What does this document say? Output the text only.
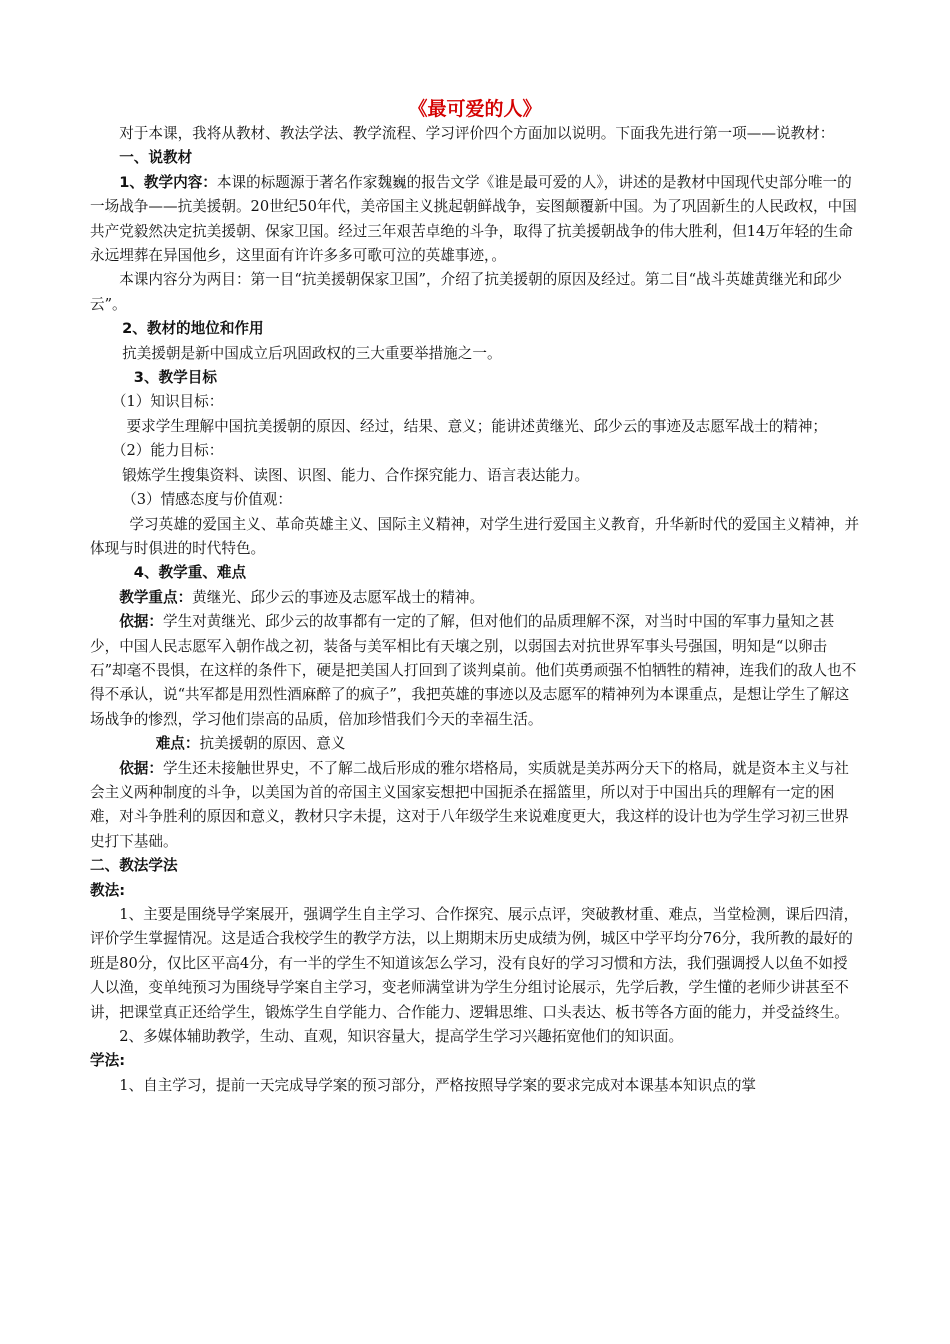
《最可爱的人》

对于本课，我将从教材、教法学法、教学流程、学习评价四个方面加以说明。下面我先进行第一项——说教材：

一、说教材

1、教学内容：本课的标题源于著名作家魏巍的报告文学《谁是最可爱的人》，讲述的是教材中国现代史部分唯一的一场战争——抗美援朝。20世纪50年代，美帝国主义挑起朝鲜战争，妄图颠覆新中国。为了巩固新生的人民政权，中国共产党毅然决定抗美援朝、保家卫国。经过三年艰苦卓绝的斗争，取得了抗美援朝战争的伟大胜利，但14万年轻的生命永远埋葬在异国他乡，这里面有许许多多可歌可泣的英雄事迹，。

本课内容分为两目：第一目“抗美援朝保家卫国”，介绍了抗美援朝的原因及经过。第二目“战斗英雄黄继光和邱少云”。

2、教材的地位和作用

抗美援朝是新中国成立后巩固政权的三大重要举措施之一。

3、教学目标

（1）知识目标：

要求学生理解中国抗美援朝的原因、经过，结果、意义；能讲述黄继光、邱少云的事迹及志愿军战士的精神；

（2）能力目标：

锻炼学生搜集资料、读图、识图、能力、合作探究能力、语言表达能力。

（3）情感态度与价值观：

学习英雄的爱国主义、革命英雄主义、国际主义精神，对学生进行爱国主义教育，升华新时代的爱国主义精神，并体现与时俱进的时代特色。

4、教学重、难点

教学重点：黄继光、邱少云的事迹及志愿军战士的精神。

依据：学生对黄继光、邱少云的故事都有一定的了解，但对他们的品质理解不深，对当时中国的军事力量知之甚少，中国人民志愿军入朝作战之初，装备与美军相比有天壤之别，以弱国去对抗世界军事头号强国，明知是“以卵击石”却毫不畏惧，在这样的条件下，硬是把美国人打回到了谈判桌前。他们英勇顽强不怕牺牲的精神，连我们的敌人也不得不承认，说“共军都是用烈性酒麻醉了的疯子”，我把英雄的事迹以及志愿军的精神列为本课重点，是想让学生了解这场战争的惨烈，学习他们崇高的品质，倍加珍惜我们今天的幸福生活。

难点：抗美援朝的原因、意义

依据：学生还未接触世界史，不了解二战后形成的雅尔塔格局，实质就是美苏两分天下的格局，就是资本主义与社会主义两种制度的斗争，以美国为首的帝国主义国家妄想把中国扼杀在摇篮里，所以对于中国出兵的理解有一定的困难，对斗争胜利的原因和意义，教材只字未提，这对于八年级学生来说难度更大，我这样的设计也为学生学习初三世界史打下基础。

二、教法学法

教法:

1、主要是围绕导学案展开，强调学生自主学习、合作探究、展示点评，突破教材重、难点，当堂检测，课后四清，评价学生掌握情况。这是适合我校学生的教学方法，以上期期末历史成绩为例，城区中学平均分76分，我所教的最好的班是80分，仅比区平高4分，有一半的学生不知道该怎么学习，没有良好的学习习惯和方法，我们强调授人以鱼不如授人以渔，变单纯预习为围绕导学案自主学习，变老师满堂讲为学生分组讨论展示，先学后教，学生懂的老师少讲甚至不讲，把课堂真正还给学生，锻炼学生自学能力、合作能力、逻辑思维、口头表达、板书等各方面的能力，并受益终生。

2、多媒体辅助教学，生动、直观，知识容量大，提高学生学习兴趣拓宽他们的知识面。

学法:

1、自主学习，提前一天完成导学案的预习部分，严格按照导学案的要求完成对本课基本知识点的掌
